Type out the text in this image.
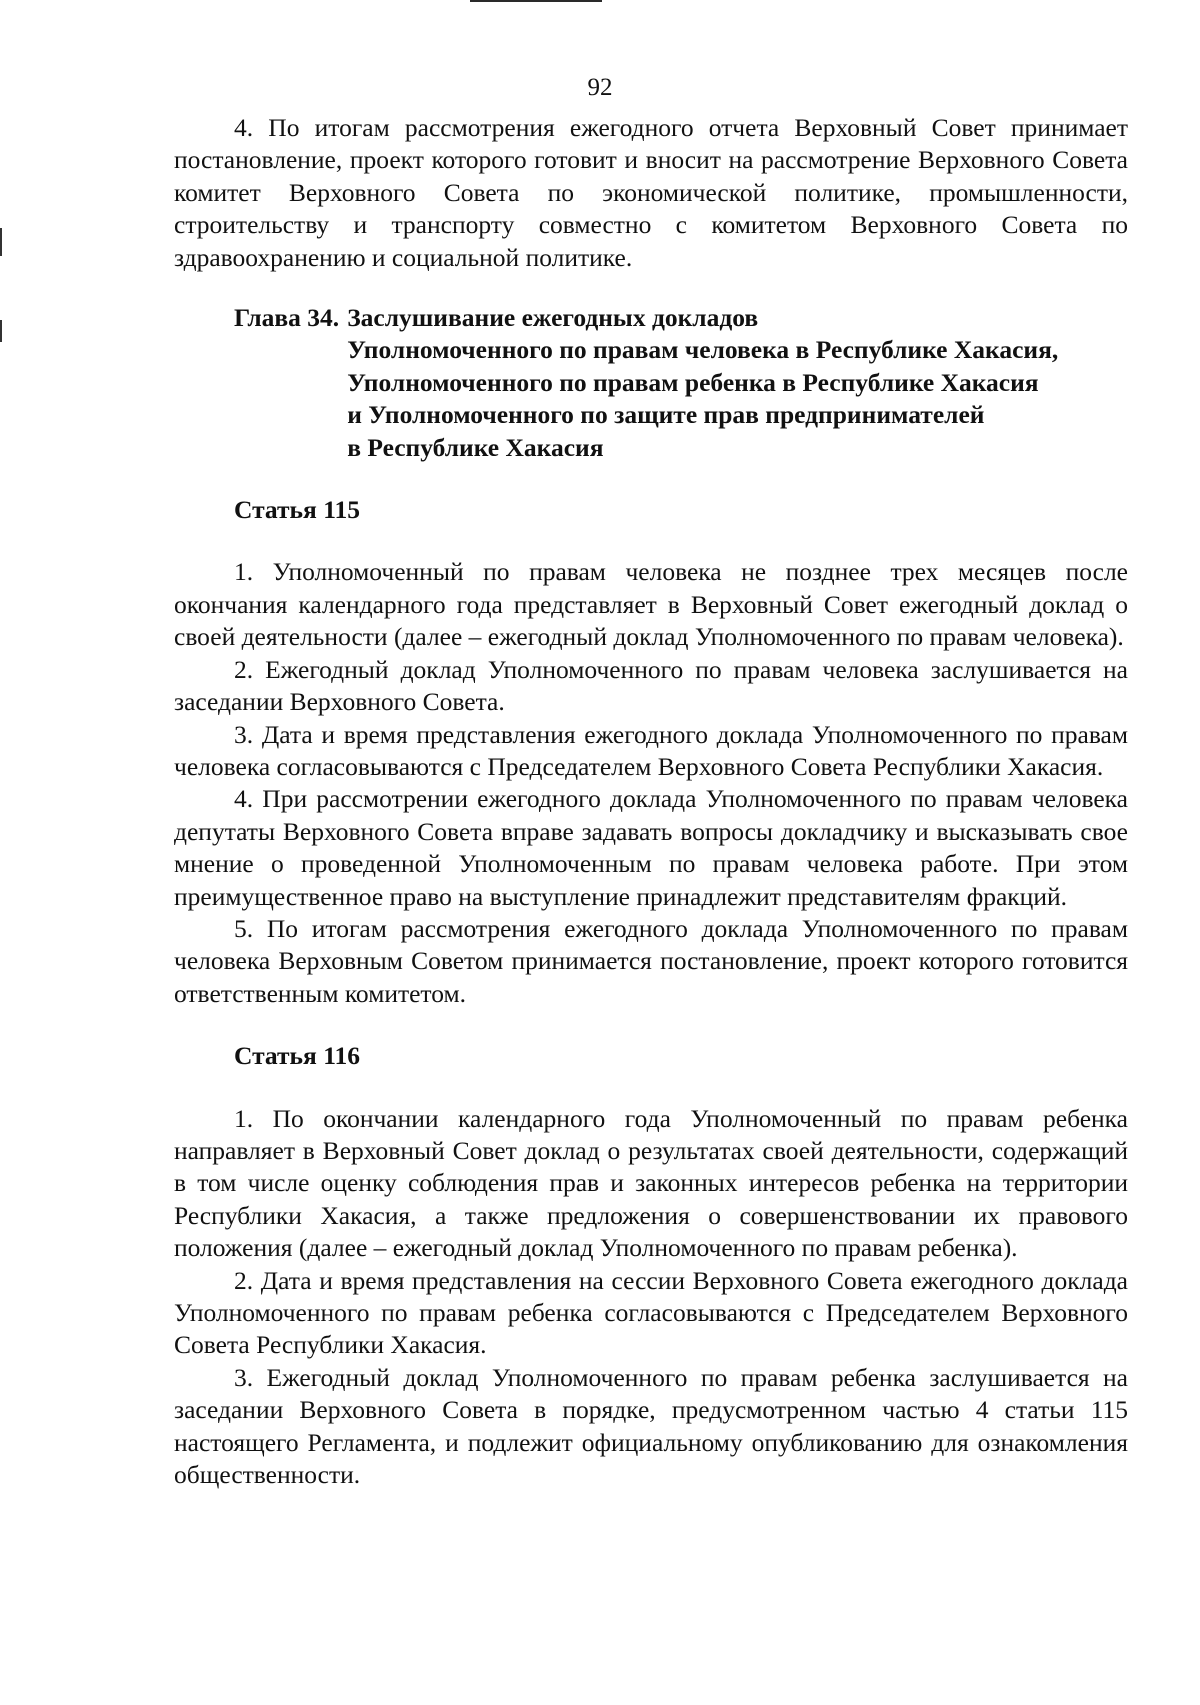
92

4. По итогам рассмотрения ежегодного отчета Верховный Совет принимает постановление, проект которого готовит и вносит на рассмотрение Верховного Совета комитет Верховного Совета по экономической политике, промышленности, строительству и транспорту совместно с комитетом Верховного Совета по здравоохранению и социальной политике.

Глава 34. Заслушивание ежегодных докладов
Уполномоченного по правам человека в Республике Хакасия,
Уполномоченного по правам ребенка в Республике Хакасия
и Уполномоченного по защите прав предпринимателей
в Республике Хакасия
Статья 115

1. Уполномоченный по правам человека не позднее трех месяцев после окончания календарного года представляет в Верховный Совет ежегодный доклад о своей деятельности (далее – ежегодный доклад Уполномоченного по правам человека).

2. Ежегодный доклад Уполномоченного по правам человека заслушивается на заседании Верховного Совета.

3. Дата и время представления ежегодного доклада Уполномоченного по правам человека согласовываются с Председателем Верховного Совета Республики Хакасия.

4. При рассмотрении ежегодного доклада Уполномоченного по правам человека депутаты Верховного Совета вправе задавать вопросы докладчику и высказывать свое мнение о проведенной Уполномоченным по правам человека работе. При этом преимущественное право на выступление принадлежит представителям фракций.

5. По итогам рассмотрения ежегодного доклада Уполномоченного по правам человека Верховным Советом принимается постановление, проект которого готовится ответственным комитетом.

Статья 116

1. По окончании календарного года Уполномоченный по правам ребенка направляет в Верховный Совет доклад о результатах своей деятельности, содержащий в том числе оценку соблюдения прав и законных интересов ребенка на территории Республики Хакасия, а также предложения о совершенствовании их правового положения (далее – ежегодный доклад Уполномоченного по правам ребенка).

2. Дата и время представления на сессии Верховного Совета ежегодного доклада Уполномоченного по правам ребенка согласовываются с Председателем Верховного Совета Республики Хакасия.

3. Ежегодный доклад Уполномоченного по правам ребенка заслушивается на заседании Верховного Совета в порядке, предусмотренном частью 4 статьи 115 настоящего Регламента, и подлежит официальному опубликованию для ознакомления общественности.
